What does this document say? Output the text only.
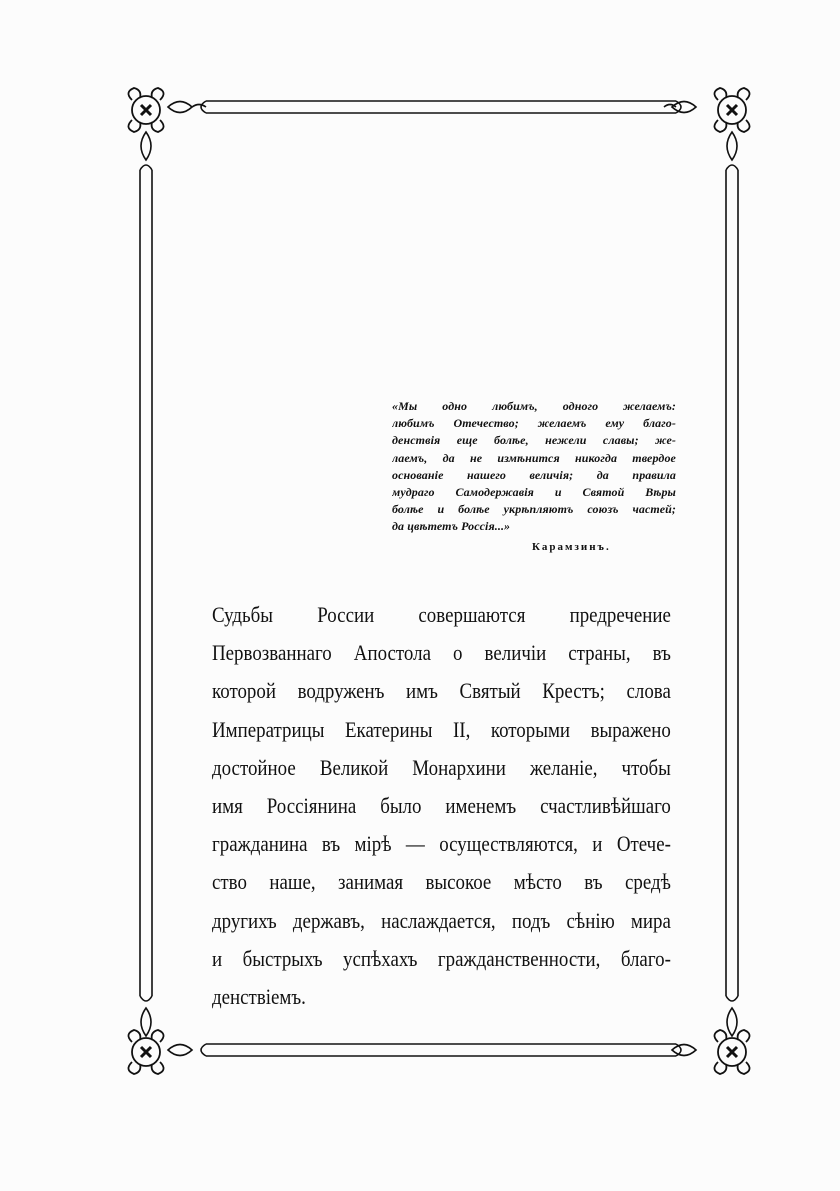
«Мы одно любимъ, одного желаемъ:
любимъ Отечество; желаемъ ему благо-
денствія еще болѣе, нежели славы; же-
лаемъ, да не измѣнится никогда твердое
основаніе нашего величія; да правила
мудраго Самодержавія и Святой Вѣры
болѣе и болѣе укрѣпляютъ союзъ частей;
да цвѣтетъ Россія...»
Карамзинъ.
Судьбы России совершаются предречение
Первозваннаго Апостола о величіи страны, въ
которой водруженъ имъ Святый Крестъ; слова
Императрицы Екатерины II, которыми выражено
достойное Великой Монархини желаніе, чтобы
имя Россіянина было именемъ счастливѣйшаго
гражданина въ мірѣ — осуществляются, и Отече-
ство наше, занимая высокое мѣсто въ средѣ
другихъ державъ, наслаждается, подъ сѣнію мира
и быстрыхъ успѣхахъ гражданственности, благо-
денствіемъ.
